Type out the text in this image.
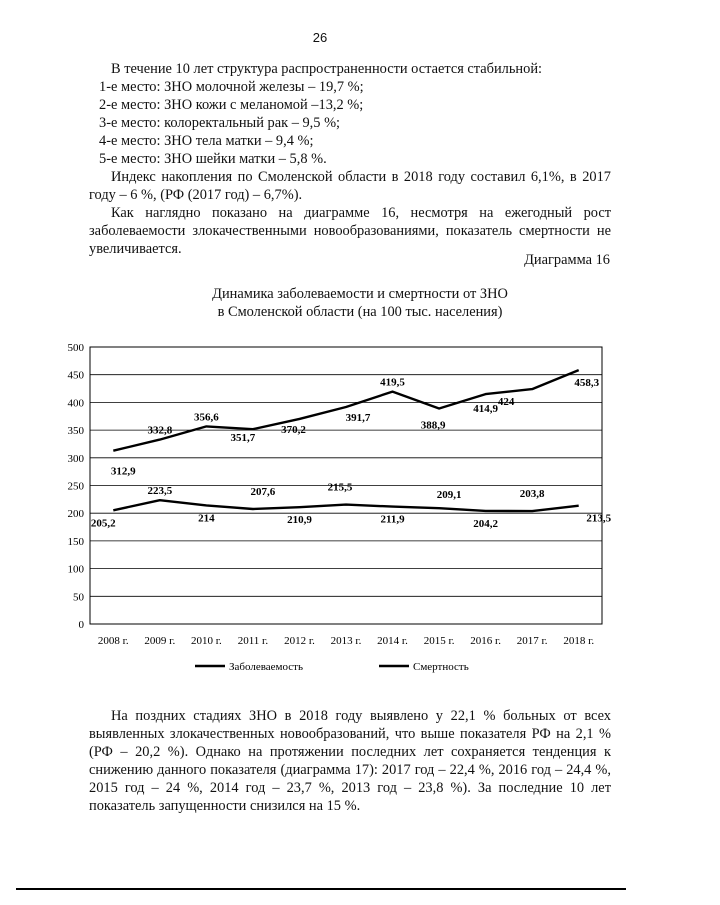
26

В течение 10 лет структура распространенности остается стабильной:

1-е место: ЗНО молочной железы – 19,7 %;

2-е место: ЗНО кожи с меланомой –13,2 %;

3-е место: колоректальный рак – 9,5 %;

4-е место: ЗНО тела матки – 9,4 %;

5-е место: ЗНО шейки матки – 5,8 %.

Индекс накопления по Смоленской области в 2018 году составил 6,1%, в 2017 году – 6 %, (РФ (2017 год) – 6,7%).

Как наглядно показано на диаграмме 16, несмотря на ежегодный рост заболеваемости злокачественными новообразованиями, показатель смертности не увеличивается.

Диаграмма 16
Динамика заболеваемости и смертности от ЗНО
в Смоленской области (на 100 тыс. населения)
0
50
100
150
200
250
300
350
400
450
500
2008 г. 2009 г. 2010 г. 2011 г. 2012 г. 2013 г. 2014 г. 2015 г. 2016 г. 2017 г. 2018 г.
312,9
332,8
356,6
351,7
370,2
391,7
419,5
388,9
414,9
424
458,3
205,2
223,5
214
207,6
210,9
215,5
211,9
209,1
204,2
203,8
213,5
Заболеваемость	Смертность

На поздних стадиях ЗНО в 2018 году выявлено у 22,1 % больных от всех выявленных злокачественных новообразований, что выше показателя РФ на 2,1 % (РФ – 20,2 %). Однако на протяжении последних лет сохраняется тенденция к снижению данного показателя (диаграмма 17): 2017 год – 22,4 %, 2016 год – 24,4 %, 2015 год – 24 %, 2014 год – 23,7 %, 2013 год – 23,8 %). За последние 10 лет показатель запущенности снизился на 15 %.
